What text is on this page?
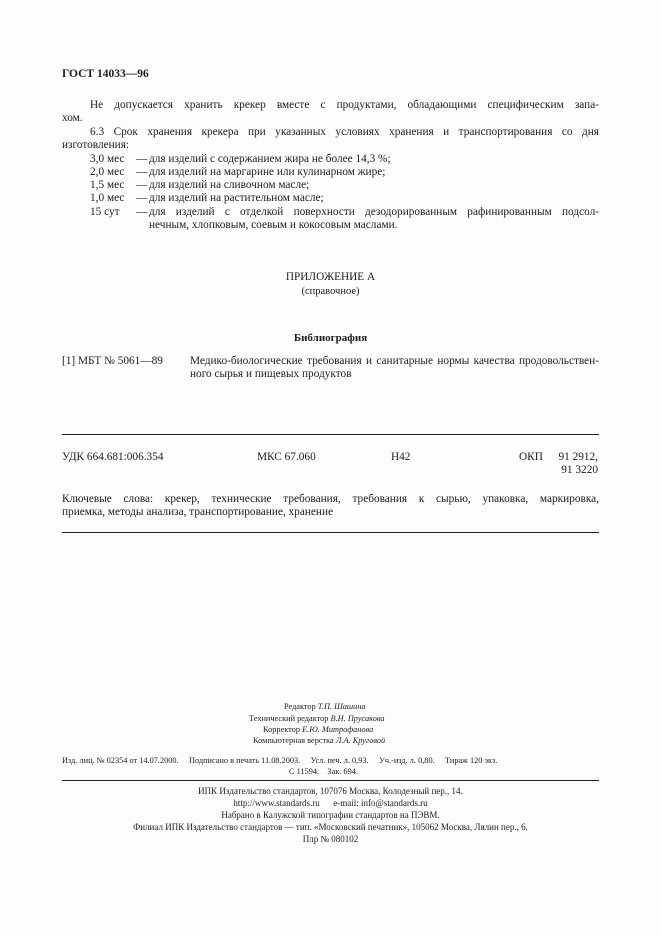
ГОСТ 14033—96
Не допускается хранить крекер вместе с продуктами, обладающими специфическим запа-
хом.
6.3 Срок хранения крекера при указанных условиях хранения и транспортирования со дня
изготовления:
3,0 мес — для изделий с содержанием жира не более 14,3 %;
2,0 мес — для изделий на маргарине или кулинарном жире;
1,5 мес — для изделий на сливочном масле;
1,0 мес — для изделий на растительном масле;
15 сут — для изделий с отделкой поверхности дезодорированным рафинированным подсол-
нечным, хлопковым, соевым и кокосовым маслами.
ПРИЛОЖЕНИЕ А
(справочное)
Библиография
[1] МБТ № 5061—89 Медико-биологические требования и санитарные нормы качества продовольствен-
ного сырья и пищевых продуктов
УДК 664.681:006.354	МКС 67.060	Н42	ОКП	91 2912,
91 3220
Ключевые слова: крекер, технические требования, требования к сырью, упаковка, маркировка,
приемка, методы анализа, транспортирование, хранение
Редактор Т.П. Шашина
Технический редактор В.Н. Прусакова
Корректор Е.Ю. Митрофанова
Компьютерная верстка Л.А. Круговой
Изд. лиц. № 02354 от 14.07.2000.     Подписано в печать 11.08.2003.     Усл. печ. л. 0,93.     Уч.-изд. л. 0,80.     Тираж 120 экз.
С 11594.    Зак. 694.
ИПК Издательство стандартов, 107076 Москва, Колодезный пер., 14.
http://www.standards.ru      e-mail: info@standards.ru
Набрано в Калужской типографии стандартов на ПЭВМ.
Филиал ИПК Издательство стандартов — тип. «Московский печатник», 105062 Москва, Лялин пер., 6.
Плр № 080102
